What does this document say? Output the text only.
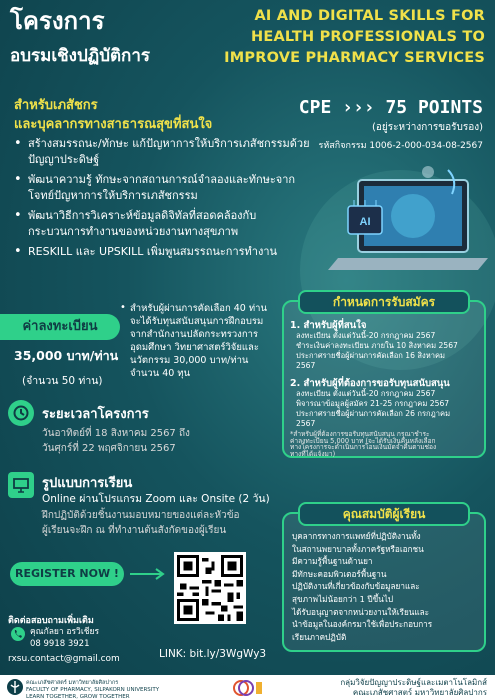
โครงการ
อบรมเชิงปฏิบัติการ
AI AND DIGITAL SKILLS FOR
HEALTH PROFESSIONALS TO
IMPROVE PHARMACY SERVICES
สำหรับเภสัชกร
และบุคลากรทางสาธารณสุขที่สนใจ
CPE ››› 75 POINTS
(อยู่ระหว่างการขอรับรอง)
รหัสกิจกรรม 1006-2-000-034-08-2567
• สร้างสมรรถนะ/ทักษะ แก้ปัญหาการให้บริการเภสัชกรรมด้วยปัญญาประดิษฐ์
• พัฒนาความรู้ ทักษะจากสถานการณ์จำลองและทักษะจากโจทย์ปัญหาการให้บริการเภสัชกรรม
• พัฒนาวิธีการวิเคราะห์ข้อมูลดิจิทัลที่สอดคล้องกับกระบวนการทำงานของหน่วยงานทางสุขภาพ
• RESKILL และ UPSKILL เพิ่มพูนสมรรถนะการทำงาน
AI
ค่าลงทะเบียน
35,000 บาท/ท่าน
(จำนวน 50 ท่าน)
• สำหรับผู้ผ่านการคัดเลือก 40 ท่าน
จะได้รับทุนสนับสนุนการฝึกอบรม
จากสำนักงานปลัดกระทรวงการ
อุดมศึกษา วิทยาศาสตร์วิจัยและ
นวัตกรรม 30,000 บาท/ท่าน
จำนวน 40 ทุน
ระยะเวลาโครงการ
วันอาทิตย์ที่ 18 สิงหาคม 2567 ถึง
วันศุกร์ที่ 22 พฤศจิกายน 2567
รูปแบบการเรียน
Online ผ่านโปรแกรม Zoom และ Onsite (2 วัน)
ฝึกปฏิบัติด้วยชิ้นงานมอบหมายของแต่ละหัวข้อ
ผู้เรียนจะฝึก ณ ที่ทำงานต้นสังกัดของผู้เรียน
REGISTER NOW !
ติดต่อสอบถามเพิ่มเติม
คุณกัลยา อรวิเชียร
08 9918 3921
rxsu.contact@gmail.com	LINK: bit.ly/3WgWy3
กำหนดการรับสมัคร
1. สำหรับผู้ที่สนใจ
ลงทะเบียน ตั้งแต่วันนี้-20 กรกฎาคม 2567
ชำระเงินค่าลงทะเบียน ภายใน 10 สิงหาคม 2567
ประกาศรายชื่อผู้ผ่านการคัดเลือก 16 สิงหาคม
2567
2. สำหรับผู้ที่ต้องการขอรับทุนสนับสนุน
ลงทะเบียน ตั้งแต่วันนี้-20 กรกฎาคม 2567
พิจารณาข้อมูลผู้สมัคร 21-25 กรกฎาคม 2567
ประกาศรายชื่อผู้ผ่านการคัดเลือก 26 กรกฎาคม
2567
*สำหรับผู้ที่ต้องการขอรับทุนสนับสนุน กรุณาชำระ
ค่าลงทะเบียน 5,000 บาท (จะได้รับเงินคืนหลังเลือก
ทางโครงการจะดำเนินการโอนเงินมัดจำคืนตามช่อง
ทางที่ได้แจ้งมา)
คุณสมบัติผู้เรียน
บุคลากรทางการแพทย์ที่ปฏิบัติงานทั้ง
ในสถานพยาบาลทั้งภาครัฐหรือเอกชน
มีความรู้พื้นฐานด้านยา
มีทักษะคอมพิวเตอร์พื้นฐาน
ปฏิบัติงานที่เกี่ยวข้องกับข้อมูลยาและ
สุขภาพไม่น้อยกว่า 1 ปีขึ้นไป
ได้รับอนุญาตจากหน่วยงานให้เรียนและ
นำข้อมูลในองค์กรมาใช้เพื่อประกอบการ
เรียนภาคปฏิบัติ
คณะเภสัชศาสตร์ มหาวิทยาลัยศิลปากร
FACULTY OF PHARMACY, SILPAKORN UNIVERSITY
LEARN TOGETHER, GROW TOGETHER
กลุ่มวิจัยปัญญาประดิษฐ์และเมตาโนโลมิกส์
คณะเภสัชศาสตร์ มหาวิทยาลัยศิลปากร
